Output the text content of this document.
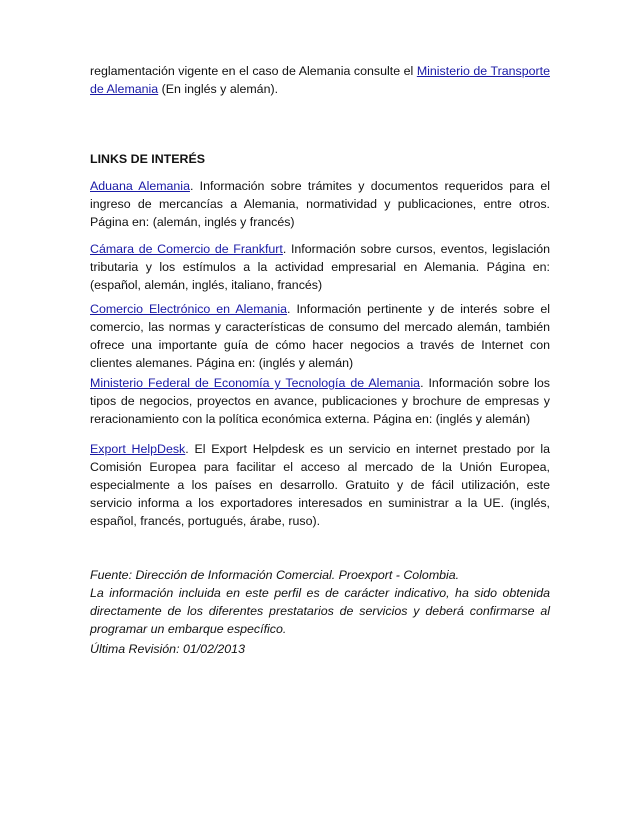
reglamentación vigente en el caso de Alemania consulte el Ministerio de Transporte de Alemania (En inglés y alemán).

LINKS DE INTERÉS

Aduana Alemania. Información sobre trámites y documentos requeridos para el ingreso de mercancías a Alemania, normatividad y publicaciones, entre otros. Página en: (alemán, inglés y francés)

Cámara de Comercio de Frankfurt. Información sobre cursos, eventos, legislación tributaria y los estímulos a la actividad empresarial en Alemania. Página en: (español, alemán, inglés, italiano, francés)

Comercio Electrónico en Alemania. Información pertinente y de interés sobre el comercio, las normas y características de consumo del mercado alemán, también ofrece una importante guía de cómo hacer negocios a través de Internet con clientes alemanes. Página en: (inglés y alemán)

Ministerio Federal de Economía y Tecnología de Alemania. Información sobre los tipos de negocios, proyectos en avance, publicaciones y brochure de empresas y reracionamiento con la política económica externa. Página en: (inglés y alemán)

Export HelpDesk. El Export Helpdesk es un servicio en internet prestado por la Comisión Europea para facilitar el acceso al mercado de la Unión Europea, especialmente a los países en desarrollo. Gratuito y de fácil utilización, este servicio informa a los exportadores interesados en suministrar a la UE. (inglés, español, francés, portugués, árabe, ruso).

Fuente: Dirección de Información Comercial. Proexport - Colombia.

La información incluida en este perfil es de carácter indicativo, ha sido obtenida directamente de los diferentes prestatarios de servicios y deberá confirmarse al programar un embarque específico.

Última Revisión: 01/02/2013
